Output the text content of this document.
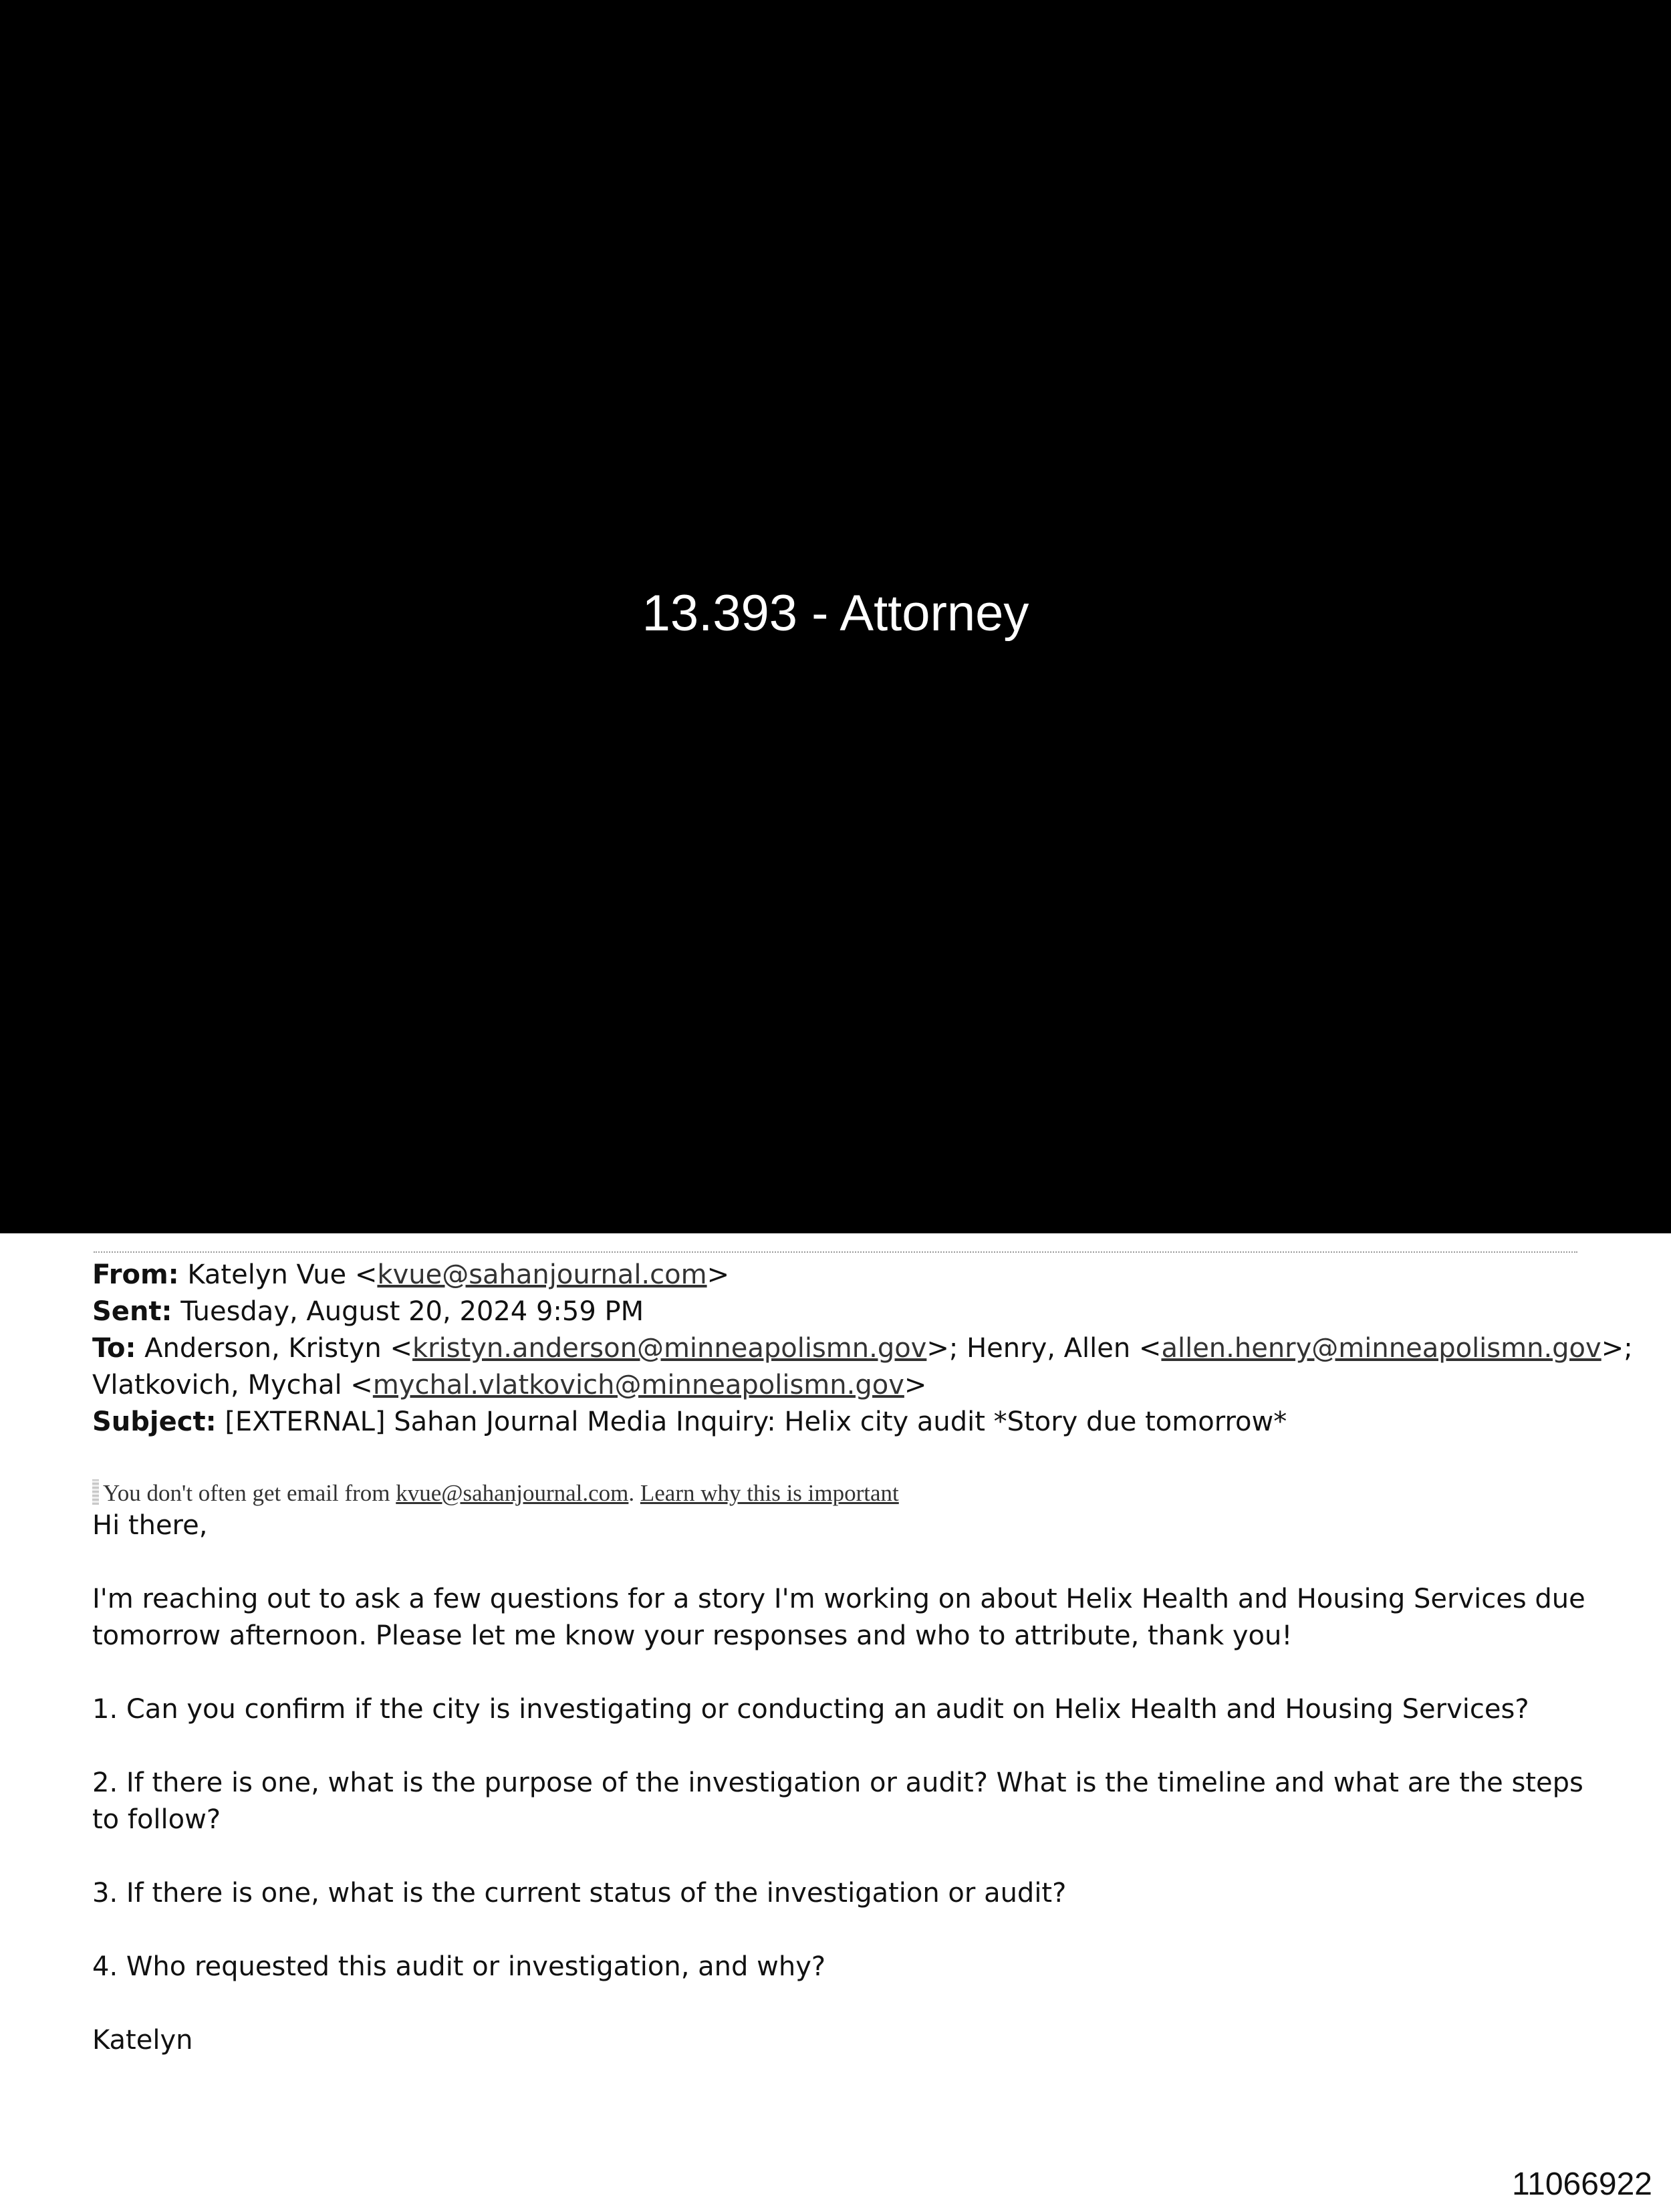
13.393 - Attorney
From: Katelyn Vue <kvue@sahanjournal.com>
Sent: Tuesday, August 20, 2024 9:59 PM
To: Anderson, Kristyn <kristyn.anderson@minneapolismn.gov>; Henry, Allen <allen.henry@minneapolismn.gov>;
Vlatkovich, Mychal <mychal.vlatkovich@minneapolismn.gov>
Subject: [EXTERNAL] Sahan Journal Media Inquiry: Helix city audit *Story due tomorrow*
You don't often get email from kvue@sahanjournal.com. Learn why this is important

Hi there,

I'm reaching out to ask a few questions for a story I'm working on about Helix Health and Housing Services due

tomorrow afternoon. Please let me know your responses and who to attribute, thank you!

1. Can you confirm if the city is investigating or conducting an audit on Helix Health and Housing Services?

2. If there is one, what is the purpose of the investigation or audit? What is the timeline and what are the steps

to follow?

3. If there is one, what is the current status of the investigation or audit?

4. Who requested this audit or investigation, and why?

Katelyn

11066922
